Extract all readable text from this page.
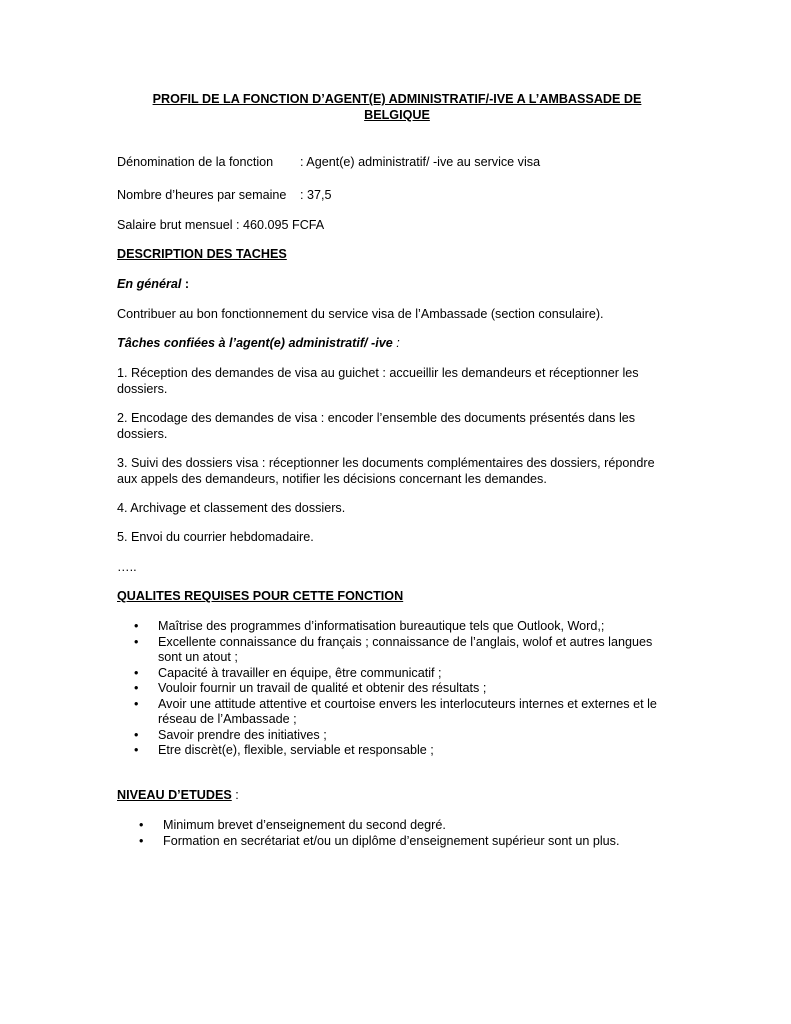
PROFIL DE LA FONCTION D’AGENT(E) ADMINISTRATIF/-IVE A L’AMBASSADE DE
BELGIQUE
Dénomination de la fonction	: Agent(e) administratif/ -ive au service visa
Nombre d’heures par semaine	: 37,5

Salaire brut mensuel : 460.095 FCFA

DESCRIPTION DES TACHES

En général :

Contribuer au bon fonctionnement du service visa de l’Ambassade (section consulaire).

Tâches confiées à l’agent(e) administratif/ -ive :

1. Réception des demandes de visa au guichet : accueillir les demandeurs et réceptionner les
dossiers.
2. Encodage des demandes de visa : encoder l’ensemble des documents présentés dans les
dossiers.
3. Suivi des dossiers visa : réceptionner les documents complémentaires des dossiers, répondre
aux appels des demandeurs, notifier les décisions concernant les demandes.
4. Archivage et classement des dossiers.
5. Envoi du courrier hebdomadaire.

…..

QUALITES REQUISES POUR CETTE FONCTION

• Maîtrise des programmes d’informatisation bureautique tels que Outlook, Word,;
• Excellente connaissance du français ; connaissance de l’anglais, wolof et autres langues
sont un atout ;
• Capacité à travailler en équipe, être communicatif ;
• Vouloir fournir un travail de qualité et obtenir des résultats ;
• Avoir une attitude attentive et courtoise envers les interlocuteurs internes et externes et le
réseau de l’Ambassade ;
• Savoir prendre des initiatives ;
• Etre discrèt(e), flexible, serviable et responsable ;

NIVEAU D’ETUDES :

• Minimum brevet d’enseignement du second degré.
• Formation en secrétariat et/ou un diplôme d’enseignement supérieur sont un plus.
